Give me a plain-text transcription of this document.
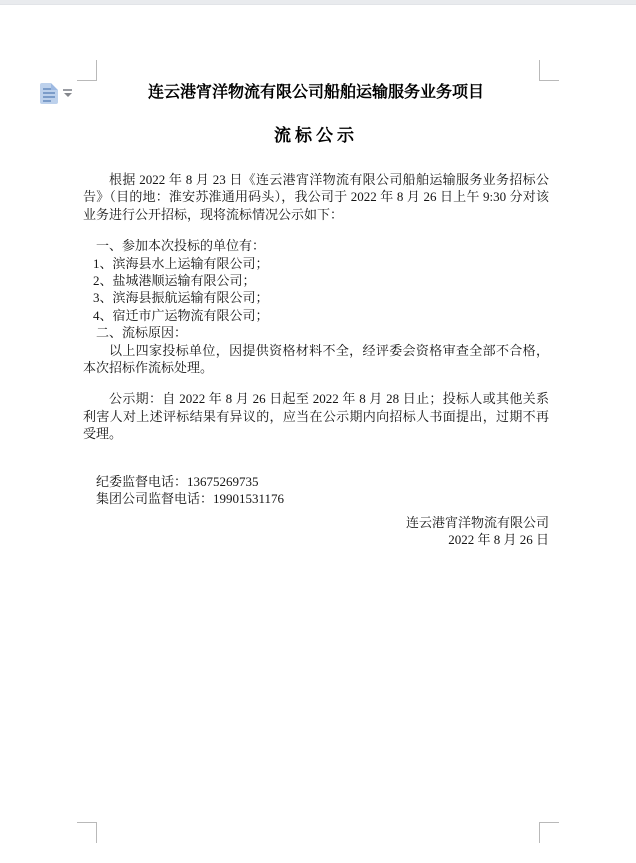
连云港宵洋物流有限公司船舶运输服务业务项目
流标公示

根据 2022 年 8 月 23 日《连云港宵洋物流有限公司船舶运输服务业务招标公告》（目的地：淮安苏淮通用码头），我公司于 2022 年 8 月 26 日上午 9:30 分对该业务进行公开招标，现将流标情况公示如下：

一、参加本次投标的单位有：
1、滨海县水上运输有限公司；
2、盐城港顺运输有限公司；
3、滨海县振航运输有限公司；
4、宿迁市广运物流有限公司；
二、流标原因：

以上四家投标单位，因提供资格材料不全，经评委会资格审查全部不合格，本次招标作流标处理。

公示期：自 2022 年 8 月 26 日起至 2022 年 8 月 28 日止；投标人或其他关系利害人对上述评标结果有异议的，应当在公示期内向招标人书面提出，过期不再受理。

纪委监督电话：13675269735
集团公司监督电话：19901531176
连云港宵洋物流有限公司
2022 年 8 月 26 日
